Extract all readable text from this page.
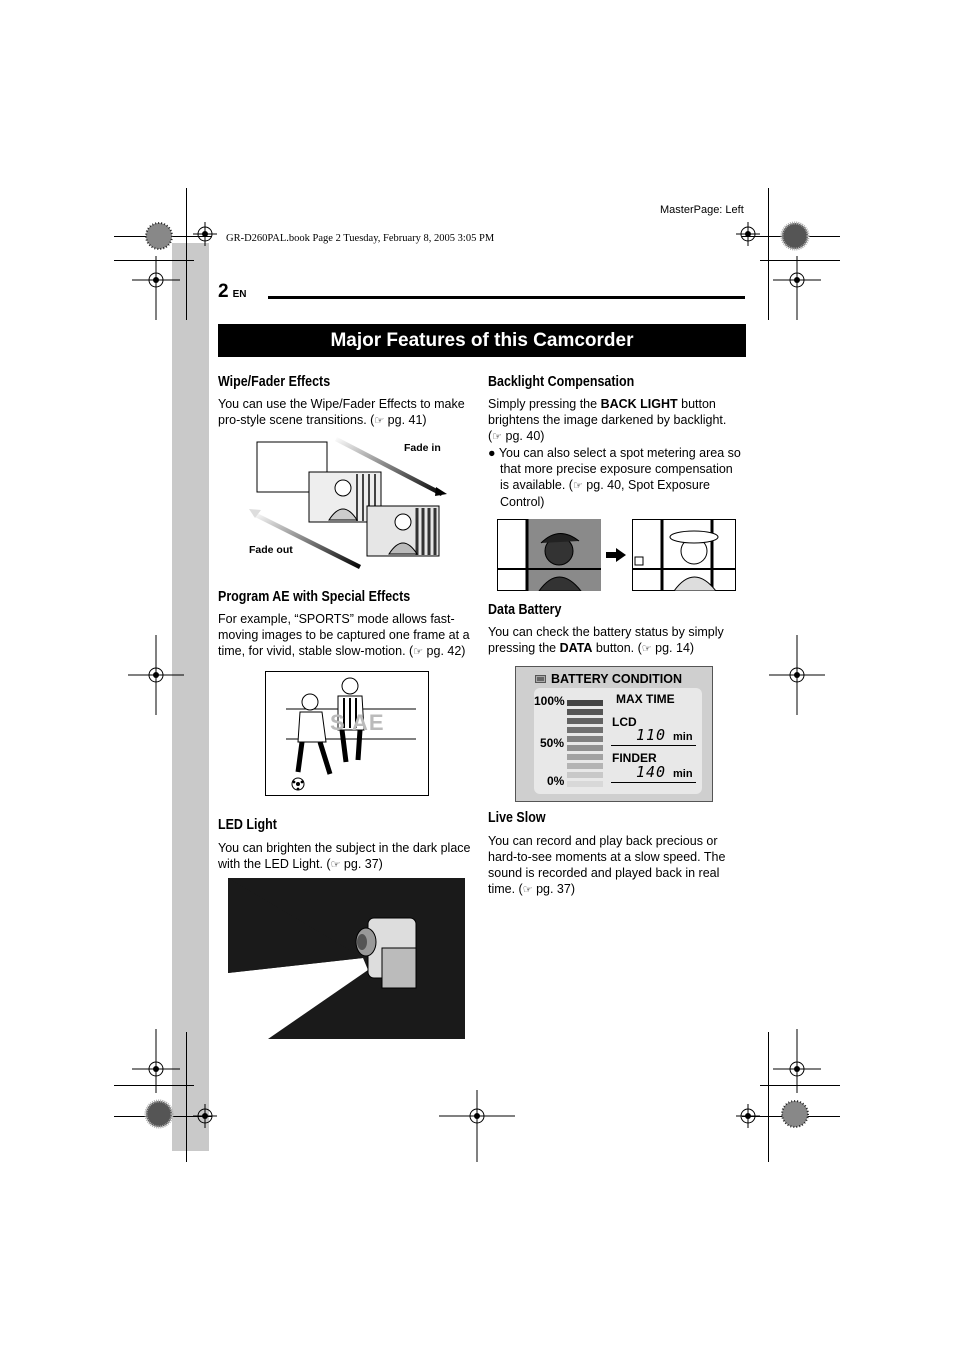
MasterPage: Left
GR-D260PAL.book Page 2 Tuesday, February 8, 2005 3:05 PM
2 EN
Major Features of this Camcorder
Wipe/Fader Effects
You can use the Wipe/Fader Effects to make
pro-style scene transitions. (☞ pg. 41)
Fade in
Fade out
Program AE with Special Effects
For example, “SPORTS” mode allows fast-
moving images to be captured one frame at a
time, for vivid, stable slow-motion. (☞ pg. 42)
S AE
LED Light
You can brighten the subject in the dark place
with the LED Light. (☞ pg. 37)
Backlight Compensation
Simply pressing the BACK LIGHT button
brightens the image darkened by backlight.
(☞ pg. 40)
● You can also select a spot metering area so
that more precise exposure compensation
is available. (☞ pg. 40, Spot Exposure
Control)
Data Battery
You can check the battery status by simply
pressing the DATA button. (☞ pg. 14)
BATTERY CONDITION
100%
50%
0%
MAX TIME
LCD
110 min
FINDER
140 min
Live Slow
You can record and play back precious or
hard-to-see moments at a slow speed. The
sound is recorded and played back in real
time. (☞ pg. 37)
